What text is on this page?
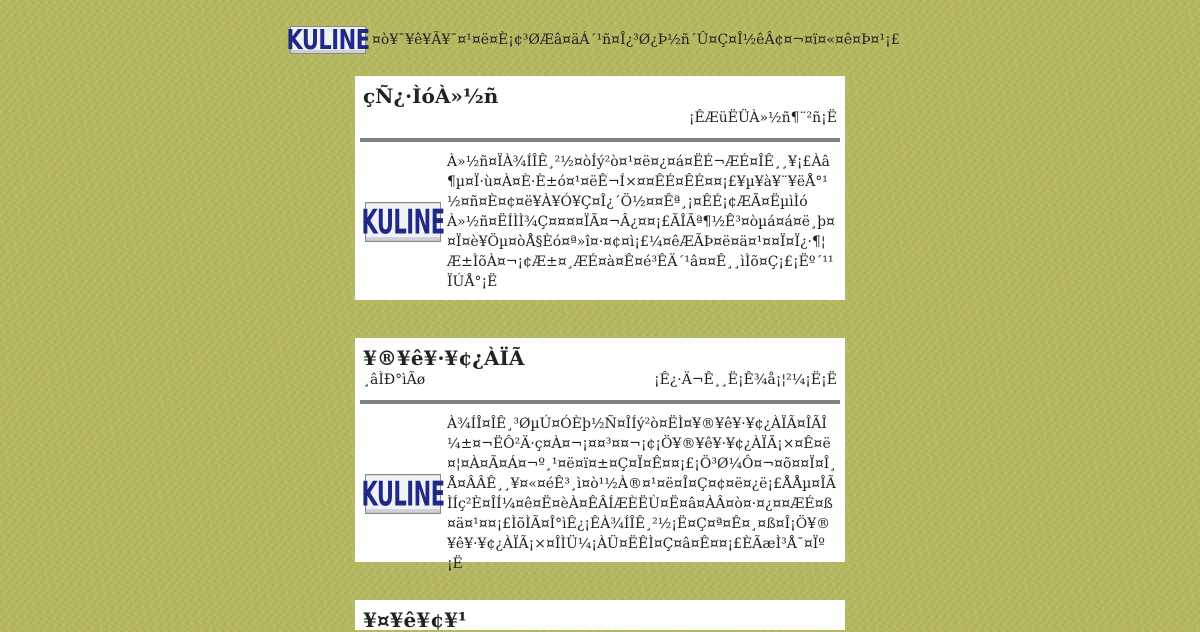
KULINE ¤ò¥¯¥ê¥Ã¥¯¤¹¤ë¤È¡¢³ØÆâ¤äÁ´¹ñ¤Î¿³Ø¿Þ½ñ´Û¤Ç¤Î½êÂ¢¤¬¤ï¤«¤ê¤Þ¤¹¡£
çÑ¿·ÌóÀ»½ñ
¡ÊÆüËÜÀ»½ñ¶¨²ñ¡Ë
KULINE
À»½ñ¤ÏÀ¾ÍÎÊ¸²½¤òÍý²ò¤¹¤ë¤¿¤á¤ËÉ¬ÆÉ¤ÎÊ¸¸¥¡£Àâ¶µ¤Ï·ù¤À¤È·È±ó¤¹¤ëÊ¬Í×¤¤ÊÉ¤ÊÉ¤¤¡£¥µ¥à¥¨¥ëÅ°¹½¤ñ¤È¤¢¤ë¥À¥Ó¥Ç¤Î¿´Ö½¤¤Êª¸¡¤ÊÉ¡¢ÆÃ¤ËµìÌóÀ»½ñ¤ËÍÌÌ¾Ç¤¤¤¤ÏÃ¤¬Â¿¤¤¡£ÃÎÃª¶½Ê³¤òµá¤á¤ë¸þ¤¤Ï¤è¥Öµ¤òÅ§Èó¤ª»î¤·¤¢¤ì¡£¼¤êÆÃÞ¤ë¤ä¤¹¤¤Ï¤Ï¿·¶¦Æ±ÌõÀ¤¬¡¢Æ±¤¸ÆÉ¤à¤Ê¤é³ÊÄ´¹â¤¤Ê¸¸ìÌõ¤Ç¡£¡Ëº´¹¹ÏÚÅ°¡Ë
¥®¥ê¥·¥¢¿ÀÏÃ
¸âÌÐ°ìÃø	¡Ê¿·Ä¬Ê¸¸Ë¡Ê¾å¡¦²¼¡Ë¡Ë
KULINE
À¾ÍÎ¤ÎÊ¸³ØµÚ¤ÓÈþ½Ñ¤ÎÍý²ò¤ËÌ¤¥®¥ê¥·¥¢¿ÀÏÃ¤ÎÃÎ¼±¤¬ËÔ²Ä·ç¤À¤¬¡¤¤³¤¤¬¡¢¡Ö¥®¥ê¥·¥¢¿ÀÏÃ¡×¤Ê¤ë¤¦¤À¤Ã¤Á¤¬º¸¹¤ë¤ï¤±¤Ç¤Ï¤Ê¤¤¡£¡Ö³Ø¼Ô¤¬¤õ¤¤Ï¤Î¸Å¤ÂÂÊ¸¸¥¤«¤éÊ³¸ì¤ò¹½À®¤¹¤ë¤Î¤Ç¤¢¤ë¤¿ë¡£ÅÅµ¤ÎÃÌÍç²È¤ÎÍ¼¤ê¤Ë¤èÀ¤ÊÂÍÆÈËÙ¤Ë¤â¤ÀÂ¤ò¤·¤¿¤¤ÆÉ¤ß¤ä¤¹¤¤¡£ÌõÌÃ¤Î°ìÊ¿¡ÊÀ¾ÍÎÊ¸²½¡Ë¤Ç¤ª¤Ê¤¸¤ß¤Î¡Ö¥®¥ê¥·¥¢¿ÀÏÃ¡×¤ÎÌÜ¼¡ÀÜ¤ËÊÌ¤Ç¤â¤Ê¤¤¡£ÈÃæÌ³Å¯¤Ïº¡Ë
¥¤¥ê¥¢¥¹
